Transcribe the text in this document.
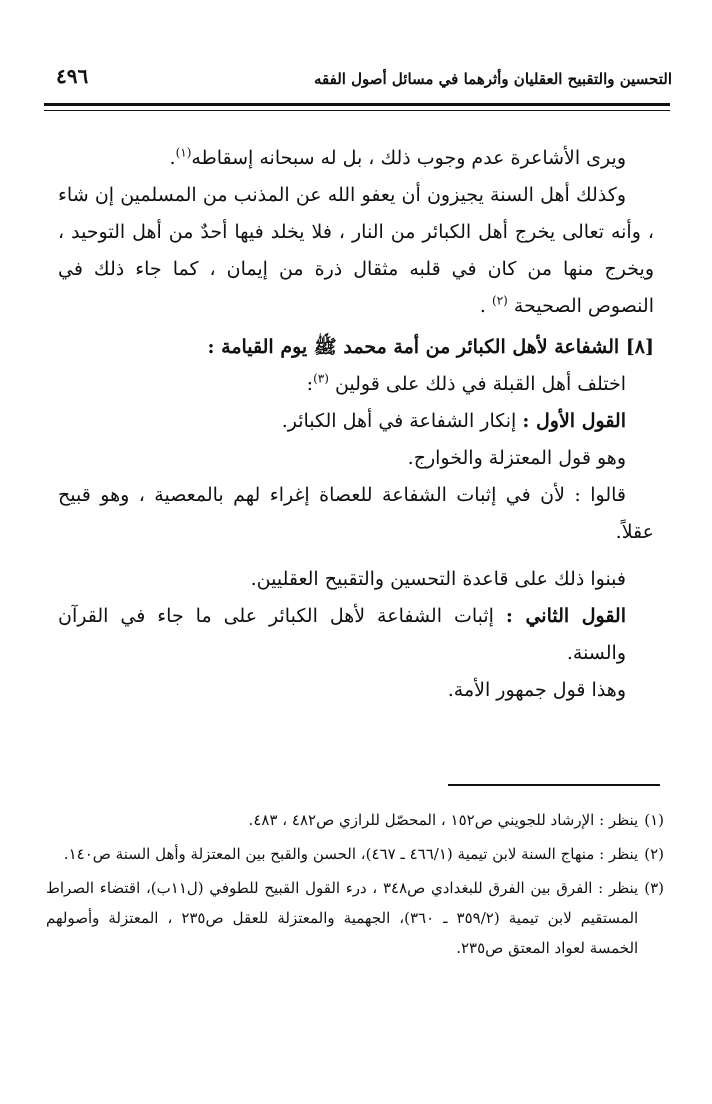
التحسين والتقبيح العقليان وأثرهما في مسائل أصول الفقه
٤٩٦

ويرى الأشاعرة عدم وجوب ذلك ، بل له سبحانه إسقاطه$^{(١)}$.

وكذلك أهل السنة يجيزون أن يعفو الله عن المذنب من المسلمين إن شاء ، وأنه تعالى يخرج أهل الكبائر من النار ، فلا يخلد فيها أحدٌ من أهل التوحيد ، ويخرج منها من كان في قلبه مثقال ذرة من إيمان ، كما جاء ذلك في النصوص الصحيحة $^{(٢)}$ .

[٨] الشفاعة لأهل الكبائر من أمة محمد ﷺ يوم القيامة :

اختلف أهل القبلة في ذلك على قولين $^{(٣)}$:

القول الأول : إنكار الشفاعة في أهل الكبائر.

وهو قول المعتزلة والخوارج.

قالوا : لأن في إثبات الشفاعة للعصاة إغراء لهم بالمعصية ، وهو قبيح عقلاً.

فبنوا ذلك على قاعدة التحسين والتقبيح العقليين.

القول الثاني : إثبات الشفاعة لأهل الكبائر على ما جاء في القرآن والسنة.

وهذا قول جمهور الأمة.

(١)
ينظر : الإرشاد للجويني ص١٥٢ ، المحصّل للرازي ص٤٨٢ ، ٤٨٣.

(٢)
ينظر : منهاج السنة لابن تيمية (٤٦٦/١ ـ ٤٦٧)، الحسن والقبح بين المعتزلة وأهل السنة ص١٤٠.

(٣)
ينظر : الفرق بين الفرق للبغدادي ص٣٤٨ ، درء القول القبيح للطوفي (ل١١ب)، اقتضاء الصراط المستقيم لابن تيمية (٣٥٩/٢ ـ ٣٦٠)، الجهمية والمعتزلة للعقل ص٢٣٥ ، المعتزلة وأصولهم الخمسة لعواد المعتق ص٢٣٥.
